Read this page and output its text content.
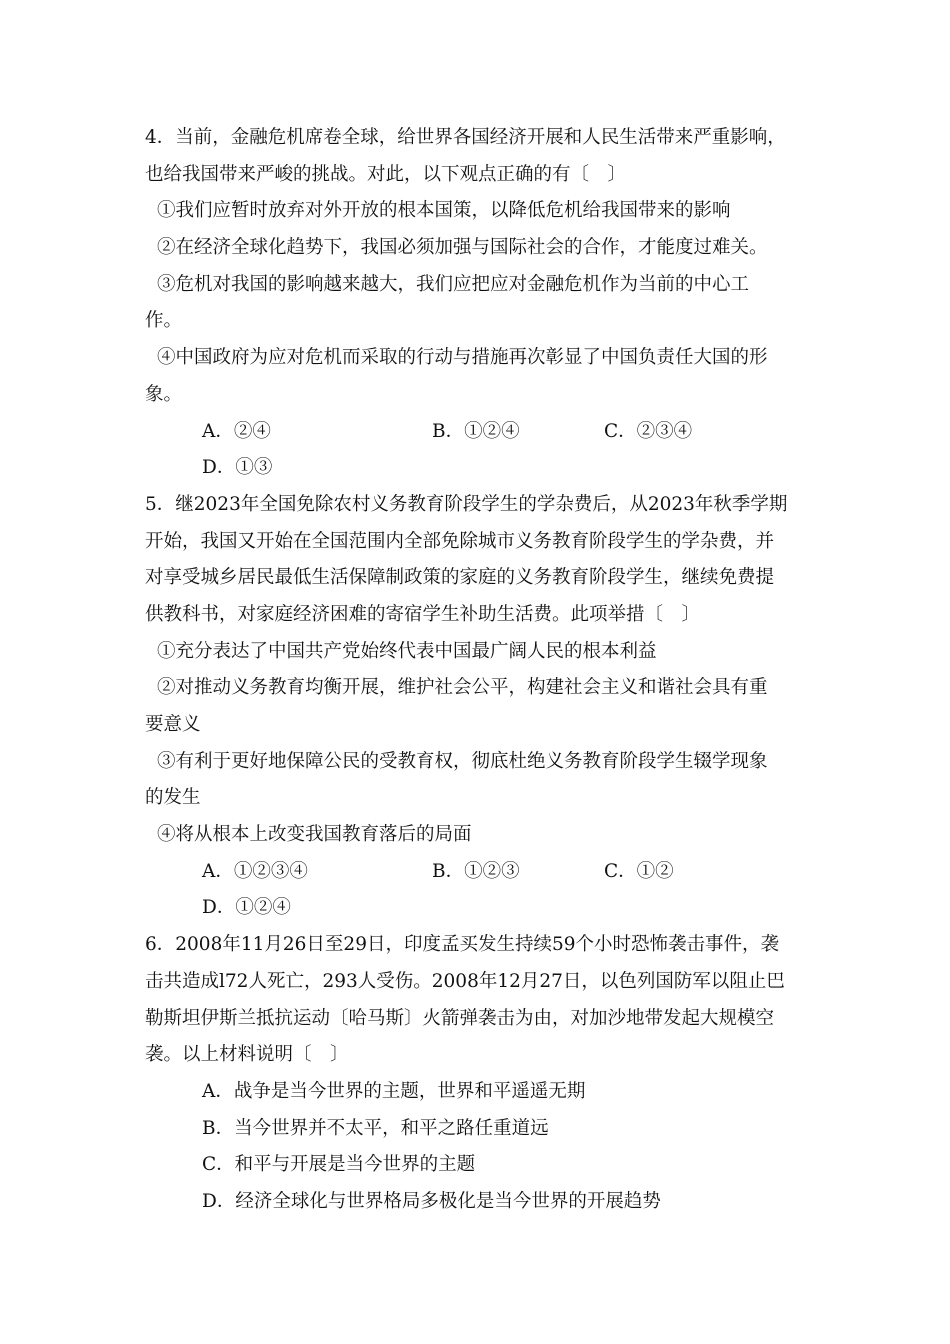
4．当前，金融危机席卷全球，给世界各国经济开展和人民生活带来严重影响，
也给我国带来严峻的挑战。对此，以下观点正确的有〔　〕
①我们应暂时放弃对外开放的根本国策，以降低危机给我国带来的影响
②在经济全球化趋势下，我国必须加强与国际社会的合作，才能度过难关。
③危机对我国的影响越来越大，我们应把应对金融危机作为当前的中心工
作。
④中国政府为应对危机而采取的行动与措施再次彰显了中国负责任大国的形
象。
A．②④	B．①②④	C．②③④
D．①③
5．继2023年全国免除农村义务教育阶段学生的学杂费后，从2023年秋季学期
开始，我国又开始在全国范围内全部免除城市义务教育阶段学生的学杂费，并
对享受城乡居民最低生活保障制政策的家庭的义务教育阶段学生，继续免费提
供教科书，对家庭经济困难的寄宿学生补助生活费。此项举措〔　〕
①充分表达了中国共产党始终代表中国最广阔人民的根本利益
②对推动义务教育均衡开展，维护社会公平，构建社会主义和谐社会具有重
要意义
③有利于更好地保障公民的受教育权，彻底杜绝义务教育阶段学生辍学现象
的发生
④将从根本上改变我国教育落后的局面
A．①②③④	B．①②③	C．①②
D．①②④
6．2008年11月26日至29日，印度孟买发生持续59个小时恐怖袭击事件，袭
击共造成l72人死亡，293人受伤。2008年12月27日，以色列国防军以阻止巴
勒斯坦伊斯兰抵抗运动〔哈马斯〕火箭弹袭击为由，对加沙地带发起大规模空
袭。以上材料说明〔　〕
A．战争是当今世界的主题，世界和平遥遥无期
B．当今世界并不太平，和平之路任重道远
C．和平与开展是当今世界的主题
D．经济全球化与世界格局多极化是当今世界的开展趋势
